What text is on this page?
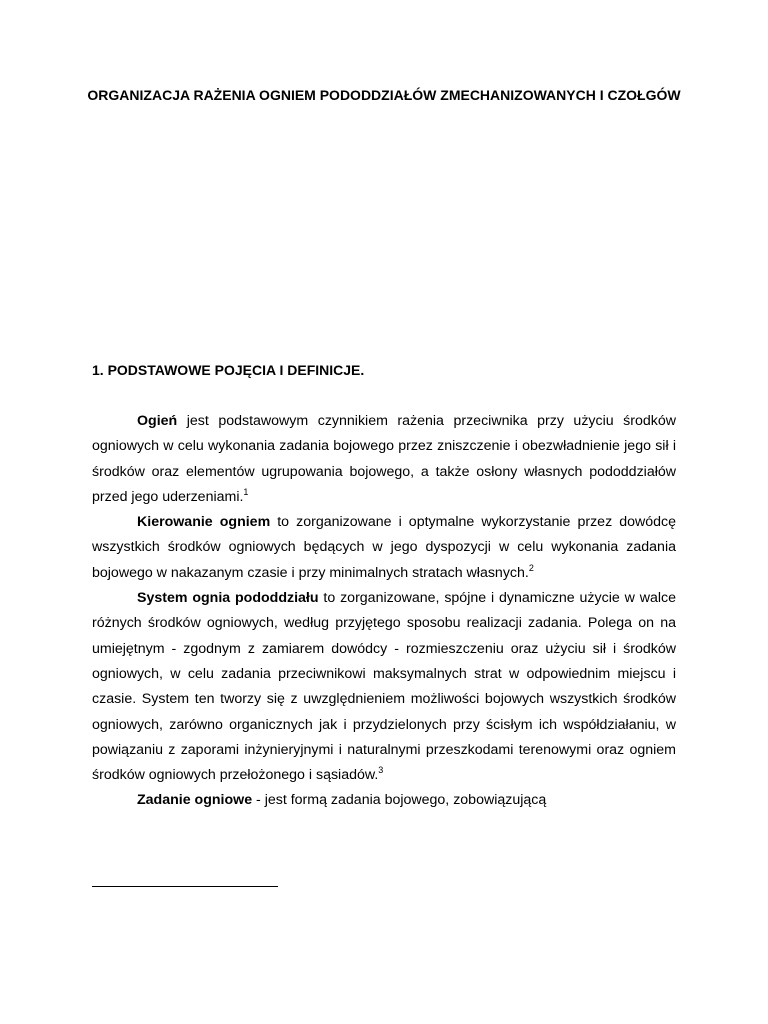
ORGANIZACJA RAŻENIA OGNIEM PODODDZIAŁÓW ZMECHANIZOWANYCH I CZOŁGÓW
1. PODSTAWOWE POJĘCIA I DEFINICJE.

Ogień jest podstawowym czynnikiem rażenia przeciwnika przy użyciu środków ogniowych w celu wykonania zadania bojowego przez zniszczenie i obezwładnienie jego sił i środków oraz elementów ugrupowania bojowego, a także osłony własnych pododdziałów przed jego uderzeniami.$^1$

Kierowanie ogniem to zorganizowane i optymalne wykorzystanie przez dowódcę wszystkich środków ogniowych będących w jego dyspozycji w celu wykonania zadania bojowego w nakazanym czasie i przy minimalnych stratach własnych.$^2$

System ognia pododdziału to zorganizowane, spójne i dynamiczne użycie w walce różnych środków ogniowych, według przyjętego sposobu realizacji zadania. Polega on na umiejętnym - zgodnym z zamiarem dowódcy - rozmieszczeniu oraz użyciu sił i środków ogniowych, w celu zadania przeciwnikowi maksymalnych strat w odpowiednim miejscu i czasie. System ten tworzy się z uwzględnieniem możliwości bojowych wszystkich środków ogniowych, zarówno organicznych jak i przydzielonych przy ścisłym ich współdziałaniu, w powiązaniu z zaporami inżynieryjnymi i naturalnymi przeszkodami terenowymi oraz ogniem środków ogniowych przełożonego i sąsiadów.$^3$

Zadanie ogniowe - jest formą zadania bojowego, zobowiązującą
